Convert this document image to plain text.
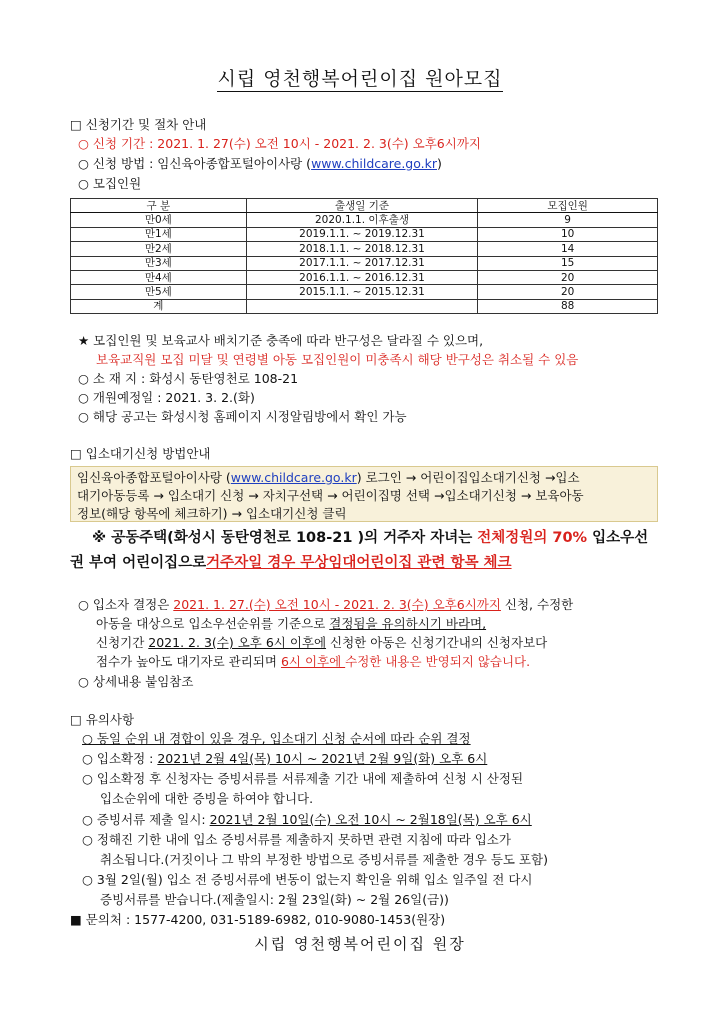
시립 영천행복어린이집 원아모집
□ 신청기간 및 절차 안내
○ 신청 기간 : 2021. 1. 27(수) 오전 10시 - 2021. 2. 3(수) 오후6시까지
○ 신청 방법 : 임신육아종합포털아이사랑 (www.childcare.go.kr)
○ 모집인원
구 분	출생일 기준	모집인원
만0세	2020.1.1. 이후출생	9
만1세	2019.1.1. ~ 2019.12.31	10
만2세	2018.1.1. ~ 2018.12.31	14
만3세	2017.1.1. ~ 2017.12.31	15
만4세	2016.1.1. ~ 2016.12.31	20
만5세	2015.1.1. ~ 2015.12.31	20
계		88
★ 모집인원 및 보육교사 배치기준 충족에 따라 반구성은 달라질 수 있으며,
보육교직원 모집 미달 및 연령별 아동 모집인원이 미충족시 해당 반구성은 취소될 수 있음
○ 소 재 지 : 화성시 동탄영천로 108-21
○ 개원예정일 : 2021. 3. 2.(화)
○ 해당 공고는 화성시청 홈페이지 시정알림방에서 확인 가능
□ 입소대기신청 방법안내
임신육아종합포털아이사랑 (www.childcare.go.kr) 로그인 → 어린이집입소대기신청 →입소
대기아동등록 → 입소대기 신청 → 자치구선택 → 어린이집명 선택 →입소대기신청 → 보육아동
정보(해당 항목에 체크하기) → 입소대기신청 클릭
※ 공동주택(화성시 동탄영천로 108-21 )의 거주자 자녀는 전체정원의 70% 입소우선
권 부여 어린이집으로거주자일 경우 무상임대어린이집 관련 항목 체크
○ 입소자 결정은 2021. 1. 27.(수) 오전 10시 - 2021. 2. 3(수) 오후6시까지 신청, 수정한
아동을 대상으로 입소우선순위를 기준으로 결정됨을 유의하시기 바라며,
신청기간 2021. 2. 3(수) 오후 6시 이후에 신청한 아동은 신청기간내의 신청자보다
점수가 높아도 대기자로 관리되며 6시 이후에 수정한 내용은 반영되지 않습니다.
○ 상세내용 붙임참조
□ 유의사항
○ 동일 순위 내 경합이 있을 경우, 입소대기 신청 순서에 따라 순위 결정
○ 입소확정 : 2021년 2월 4일(목) 10시 ~ 2021년 2월 9일(화) 오후 6시
○ 입소확정 후 신청자는 증빙서류를 서류제출 기간 내에 제출하여 신청 시 산정된
입소순위에 대한 증빙을 하여야 합니다.
○ 증빙서류 제출 일시: 2021년 2월 10일(수) 오전 10시 ~ 2월18일(목) 오후 6시
○ 정해진 기한 내에 입소 증빙서류를 제출하지 못하면 관련 지침에 따라 입소가
취소됩니다.(거짓이나 그 밖의 부정한 방법으로 증빙서류를 제출한 경우 등도 포함)
○ 3월 2일(월) 입소 전 증빙서류에 변동이 없는지 확인을 위해 입소 일주일 전 다시
증빙서류를 받습니다.(제출일시: 2월 23일(화) ~ 2월 26일(금))
■ 문의처 : 1577-4200, 031-5189-6982, 010-9080-1453(원장)
시립 영천행복어린이집 원장
